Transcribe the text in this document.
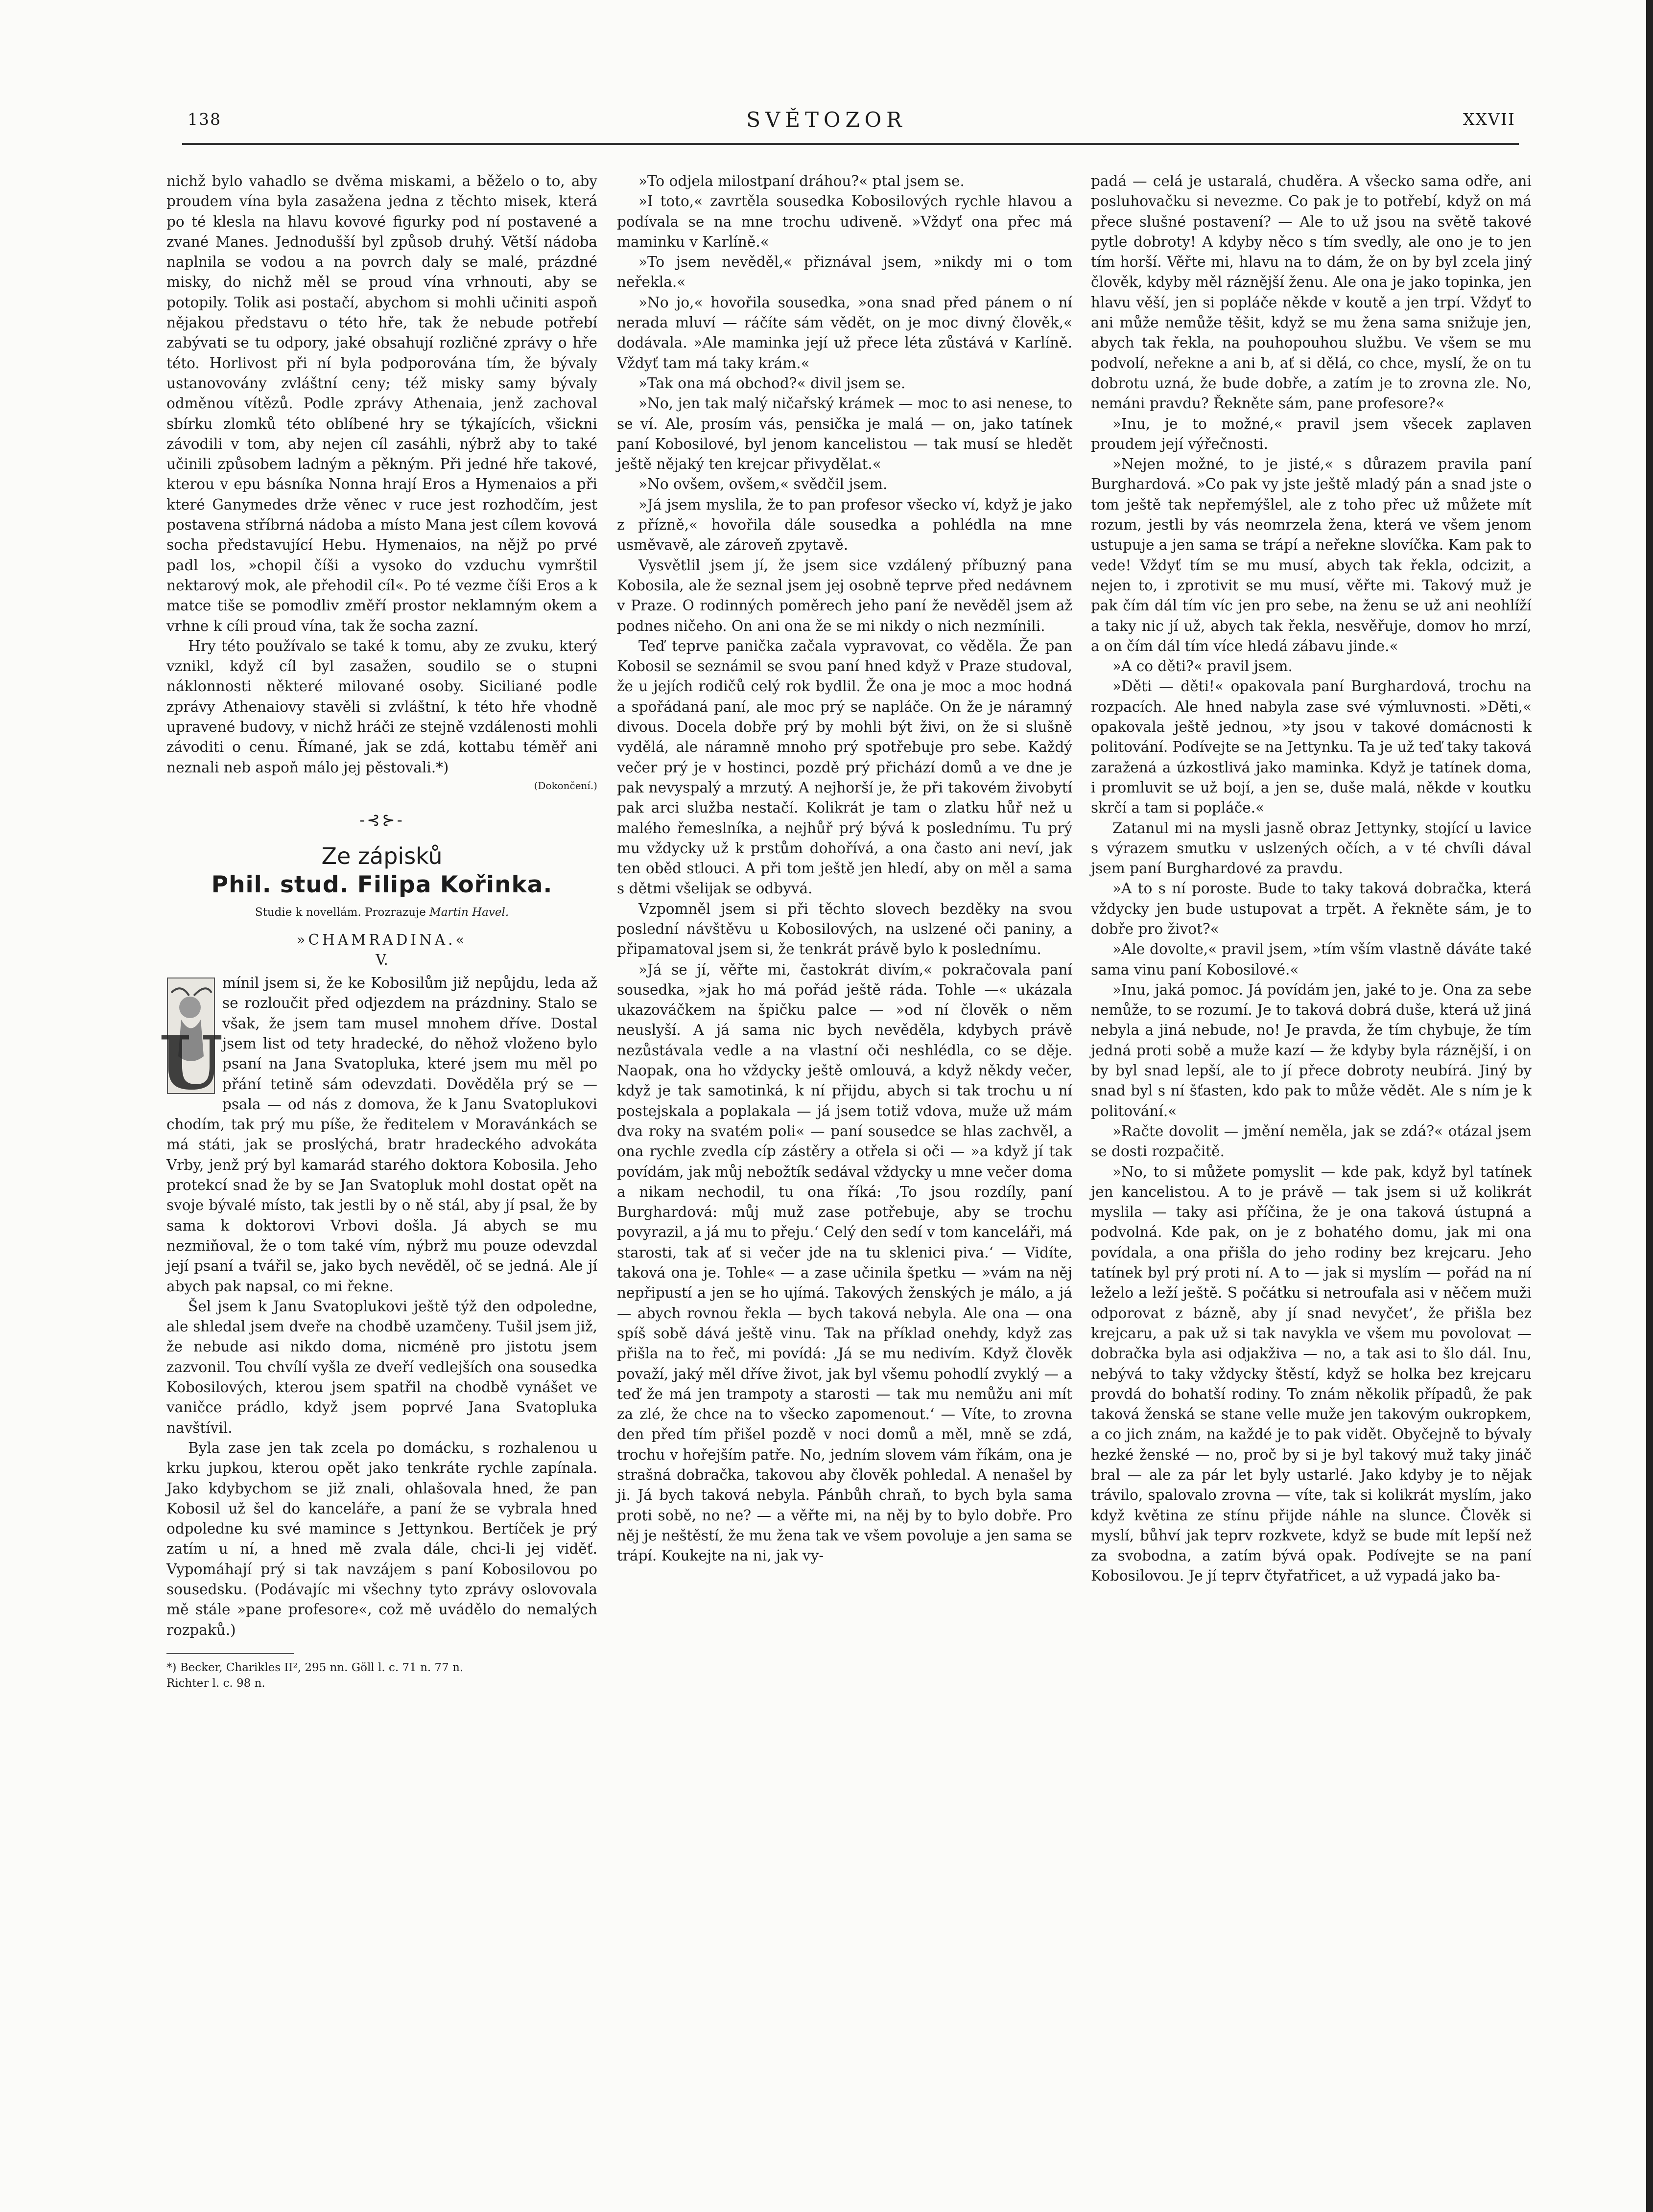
138	SVĚTOZOR	XXVII

nichž bylo vahadlo se dvěma miskami, a běželo o to, aby proudem vína byla zasažena jedna z těchto misek, která po té klesla na hlavu kovové figurky pod ní postavené a zvané Manes. Jednodušší byl způsob druhý. Větší nádoba naplnila se vodou a na povrch daly se malé, prázdné misky, do nichž měl se proud vína vrhnouti, aby se potopily. Tolik asi postačí, abychom si mohli učiniti aspoň nějakou představu o této hře, tak že nebude potřebí zabývati se tu odpory, jaké obsahují rozličné zprávy o hře této. Horlivost při ní byla podporována tím, že bývaly ustanovovány zvláštní ceny; též misky samy bývaly odměnou vítězů. Podle zprávy Athenaia, jenž zachoval sbírku zlomků této oblíbené hry se týkajících, všickni závodili v tom, aby nejen cíl zasáhli, nýbrž aby to také učinili způsobem ladným a pěkným. Při jedné hře takové, kterou v epu básníka Nonna hrají Eros a Hymenaios a při které Ganymedes drže věnec v ruce jest rozhodčím, jest postavena stříbrná nádoba a místo Mana jest cílem kovová socha představující Hebu. Hymenaios, na nějž po prvé padl los, »chopil číši a vysoko do vzduchu vymrštil nektarový mok, ale přehodil cíl«. Po té vezme číši Eros a k matce tiše se pomodliv změří prostor neklamným okem a vrhne k cíli proud vína, tak že socha zazní.

Hry této používalo se také k tomu, aby ze zvuku, který vznikl, když cíl byl zasažen, soudilo se o stupni náklonnosti některé milované osoby. Siciliané podle zprávy Athenaiovy stavěli si zvláštní, k této hře vhodně upravené budovy, v nichž hráči ze stejně vzdálenosti mohli závoditi o cenu. Římané, jak se zdá, kottabu téměř ani neznali neb aspoň málo jej pěstovali.*)

(Dokončení.)
-⊰⊱-
Ze zápisků
Phil. stud. Filipa Kořinka.
Studie k novellám. Prozrazuje Martin Havel.
»CHAMRADINA.«
V.
U

mínil jsem si, že ke Kobosilům již nepůjdu, leda až se rozloučit před odjezdem na prázdniny. Stalo se však, že jsem tam musel mnohem dříve. Dostal jsem list od tety hradecké, do něhož vloženo bylo psaní na Jana Svatopluka, které jsem mu měl po přání tetině sám odevzdati. Dověděla prý se — psala — od nás z domova, že k Janu Svatoplukovi chodím, tak prý mu píše, že ředitelem v Moravánkách se má státi, jak se proslýchá, bratr hradeckého advokáta Vrby, jenž prý byl kamarád starého doktora Kobosila. Jeho protekcí snad že by se Jan Svatopluk mohl dostat opět na svoje bývalé místo, tak jestli by o ně stál, aby jí psal, že by sama k doktorovi Vrbovi došla. Já abych se mu nezmiňoval, že o tom také vím, nýbrž mu pouze odevzdal její psaní a tvářil se, jako bych nevěděl, oč se jedná. Ale jí abych pak napsal, co mi řekne.

Šel jsem k Janu Svatoplukovi ještě týž den odpoledne, ale shledal jsem dveře na chodbě uzamčeny. Tušil jsem již, že nebude asi nikdo doma, nicméně pro jistotu jsem zazvonil. Tou chvílí vyšla ze dveří vedlejších ona sousedka Kobosilových, kterou jsem spatřil na chodbě vynášet ve vaničce prádlo, když jsem poprvé Jana Svatopluka navštívil.

Byla zase jen tak zcela po domácku, s rozhalenou u krku jupkou, kterou opět jako tenkráte rychle zapínala. Jako kdybychom se již znali, ohlašovala hned, že pan Kobosil už šel do kanceláře, a paní že se vybrala hned odpoledne ku své mamince s Jettynkou. Bertíček je prý zatím u ní, a hned mě zvala dále, chci-li jej viděť. Vypomáhají prý si tak navzájem s paní Kobosilovou po sousedsku. (Podávajíc mi všechny tyto zprávy oslovovala mě stále »pane profesore«, což mě uvádělo do nemalých rozpaků.)

*) Becker, Charikles II², 295 nn. Göll l. c. 71 n. 77 n.
Richter l. c. 98 n.

»To odjela milostpaní dráhou?« ptal jsem se.

»I toto,« zavrtěla sousedka Kobosilových rychle hlavou a podívala se na mne trochu udiveně. »Vždyť ona přec má maminku v Karlíně.«

»To jsem nevěděl,« přiznával jsem, »nikdy mi o tom neřekla.«

»No jo,« hovořila sousedka, »ona snad před pánem o ní nerada mluví — ráčíte sám vědět, on je moc divný člověk,« dodávala. »Ale maminka její už přece léta zůstává v Karlíně. Vždyť tam má taky krám.«

»Tak ona má obchod?« divil jsem se.

»No, jen tak malý ničařský krámek — moc to asi nenese, to se ví. Ale, prosím vás, pensička je malá — on, jako tatínek paní Kobosilové, byl jenom kancelistou — tak musí se hledět ještě nějaký ten krejcar přivydělat.«

»No ovšem, ovšem,« svědčil jsem.

»Já jsem myslila, že to pan profesor všecko ví, když je jako z přízně,« hovořila dále sousedka a pohlédla na mne usměvavě, ale zároveň zpytavě.

Vysvětlil jsem jí, že jsem sice vzdálený příbuzný pana Kobosila, ale že seznal jsem jej osobně teprve před nedávnem v Praze. O rodinných poměrech jeho paní že nevěděl jsem až podnes ničeho. On ani ona že se mi nikdy o nich nezmínili.

Teď teprve panička začala vypravovat, co věděla. Že pan Kobosil se seznámil se svou paní hned když v Praze studoval, že u jejích rodičů celý rok bydlil. Že ona je moc a moc hodná a spořádaná paní, ale moc prý se napláče. On že je náramný divous. Docela dobře prý by mohli být živi, on že si slušně vydělá, ale náramně mnoho prý spotřebuje pro sebe. Každý večer prý je v hostinci, pozdě prý přichází domů a ve dne je pak nevyspalý a mrzutý. A nejhorší je, že při takovém živobytí pak arci služba nestačí. Kolikrát je tam o zlatku hůř než u malého řemeslníka, a nejhůř prý bývá k poslednímu. Tu prý mu vždycky už k prstům dohořívá, a ona často ani neví, jak ten oběd stlouci. A při tom ještě jen hledí, aby on měl a sama s dětmi všelijak se odbyvá.

Vzpomněl jsem si při těchto slovech bezděky na svou poslední návštěvu u Kobosilových, na uslzené oči paniny, a připamatoval jsem si, že tenkrát právě bylo k poslednímu.

»Já se jí, věřte mi, častokrát divím,« pokračovala paní sousedka, »jak ho má pořád ještě ráda. Tohle —« ukázala ukazováčkem na špičku palce — »od ní člověk o něm neuslyší. A já sama nic bych nevěděla, kdybych právě nezůstávala vedle a na vlastní oči neshlédla, co se děje. Naopak, ona ho vždycky ještě omlouvá, a když někdy večer, když je tak samotinká, k ní přijdu, abych si tak trochu u ní postejskala a poplakala — já jsem totiž vdova, muže už mám dva roky na svatém poli« — paní sousedce se hlas zachvěl, a ona rychle zvedla cíp zástěry a otřela si oči — »a když jí tak povídám, jak můj nebožtík sedával vždycky u mne večer doma a nikam nechodil, tu ona říká: ‚To jsou rozdíly, paní Burghardová: můj muž zase potřebuje, aby se trochu povyrazil, a já mu to přeju.‘ Celý den sedí v tom kanceláři, má starosti, tak ať si večer jde na tu sklenici piva.‘ — Vidíte, taková ona je. Tohle« — a zase učinila špetku — »vám na něj nepřipustí a jen se ho ujímá. Takových ženských je málo, a já — abych rovnou řekla — bych taková nebyla. Ale ona — ona spíš sobě dává ještě vinu. Tak na příklad onehdy, když zas přišla na to řeč, mi povídá: ‚Já se mu nedivím. Když člověk považí, jaký měl dříve život, jak byl všemu pohodlí zvyklý — a teď že má jen trampoty a starosti — tak mu nemůžu ani mít za zlé, že chce na to všecko zapomenout.‘ — Víte, to zrovna den před tím přišel pozdě v noci domů a měl, mně se zdá, trochu v hořejším patře. No, jedním slovem vám říkám, ona je strašná dobračka, takovou aby člověk pohledal. A nenašel by ji. Já bych taková nebyla. Pánbůh chraň, to bych byla sama proti sobě, no ne? — a věřte mi, na něj by to bylo dobře. Pro něj je neštěstí, že mu žena tak ve všem povoluje a jen sama se trápí. Koukejte na ni, jak vy-

padá — celá je ustaralá, chuděra. A všecko sama odře, ani posluhovačku si nevezme. Co pak je to potřebí, když on má přece slušné postavení? — Ale to už jsou na světě takové pytle dobroty! A kdyby něco s tím svedly, ale ono je to jen tím horší. Věřte mi, hlavu na to dám, že on by byl zcela jiný člověk, kdyby měl ráznější ženu. Ale ona je jako topinka, jen hlavu věší, jen si popláče někde v koutě a jen trpí. Vždyť to ani může nemůže těšit, když se mu žena sama snižuje jen, abych tak řekla, na pouhopouhou službu. Ve všem se mu podvolí, neřekne a ani b, ať si dělá, co chce, myslí, že on tu dobrotu uzná, že bude dobře, a zatím je to zrovna zle. No, nemáni pravdu? Řekněte sám, pane profesore?«

»Inu, je to možné,« pravil jsem všecek zaplaven proudem její výřečnosti.

»Nejen možné, to je jisté,« s důrazem pravila paní Burghardová. »Co pak vy jste ještě mladý pán a snad jste o tom ještě tak nepřemýšlel, ale z toho přec už můžete mít rozum, jestli by vás neomrzela žena, která ve všem jenom ustupuje a jen sama se trápí a neřekne slovíčka. Kam pak to vede! Vždyť tím se mu musí, abych tak řekla, odcizit, a nejen to, i zprotivit se mu musí, věřte mi. Takový muž je pak čím dál tím víc jen pro sebe, na ženu se už ani neohlíží a taky nic jí už, abych tak řekla, nesvěřuje, domov ho mrzí, a on čím dál tím více hledá zábavu jinde.«

»A co děti?« pravil jsem.

»Děti — děti!« opakovala paní Burghardová, trochu na rozpacích. Ale hned nabyla zase své výmluvnosti. »Děti,« opakovala ještě jednou, »ty jsou v takové domácnosti k politování. Podívejte se na Jettynku. Ta je už teď taky taková zaražená a úzkostlivá jako maminka. Když je tatínek doma, i promluvit se už bojí, a jen se, duše malá, někde v koutku skrčí a tam si popláče.«

Zatanul mi na mysli jasně obraz Jettynky, stojící u lavice s výrazem smutku v uslzených očích, a v té chvíli dával jsem paní Burghardové za pravdu.

»A to s ní poroste. Bude to taky taková dobračka, která vždycky jen bude ustupovat a trpět. A řekněte sám, je to dobře pro život?«

»Ale dovolte,« pravil jsem, »tím vším vlastně dáváte také sama vinu paní Kobosilové.«

»Inu, jaká pomoc. Já povídám jen, jaké to je. Ona za sebe nemůže, to se rozumí. Je to taková dobrá duše, která už jiná nebyla a jiná nebude, no! Je pravda, že tím chybuje, že tím jedná proti sobě a muže kazí — že kdyby byla ráznější, i on by byl snad lepší, ale to jí přece dobroty neubírá. Jiný by snad byl s ní šťasten, kdo pak to může vědět. Ale s ním je k politování.«

»Račte dovolit — jmění neměla, jak se zdá?« otázal jsem se dosti rozpačitě.

»No, to si můžete pomyslit — kde pak, když byl tatínek jen kancelistou. A to je právě — tak jsem si už kolikrát myslila — taky asi příčina, že je ona taková ústupná a podvolná. Kde pak, on je z bohatého domu, jak mi ona povídala, a ona přišla do jeho rodiny bez krejcaru. Jeho tatínek byl prý proti ní. A to — jak si myslím — pořád na ní leželo a leží ještě. S počátku si netroufala asi v něčem muži odporovat z bázně, aby jí snad nevyčet’, že přišla bez krejcaru, a pak už si tak navykla ve všem mu povolovat — dobračka byla asi odjakživa — no, a tak asi to šlo dál. Inu, nebývá to taky vždycky štěstí, když se holka bez krejcaru provdá do bohatší rodiny. To znám několik případů, že pak taková ženská se stane velle muže jen takovým oukropkem, a co jich znám, na každé je to pak vidět. Obyčejně to bývaly hezké ženské — no, proč by si je byl takový muž taky jináč bral — ale za pár let byly ustarlé. Jako kdyby je to nějak trávilo, spalovalo zrovna — víte, tak si kolikrát myslím, jako když květina ze stínu přijde náhle na slunce. Člověk si myslí, bůhví jak teprv rozkvete, když se bude mít lepší než za svobodna, a zatím bývá opak. Podívejte se na paní Kobosilovou. Je jí teprv čtyřatřicet, a už vypadá jako ba-
